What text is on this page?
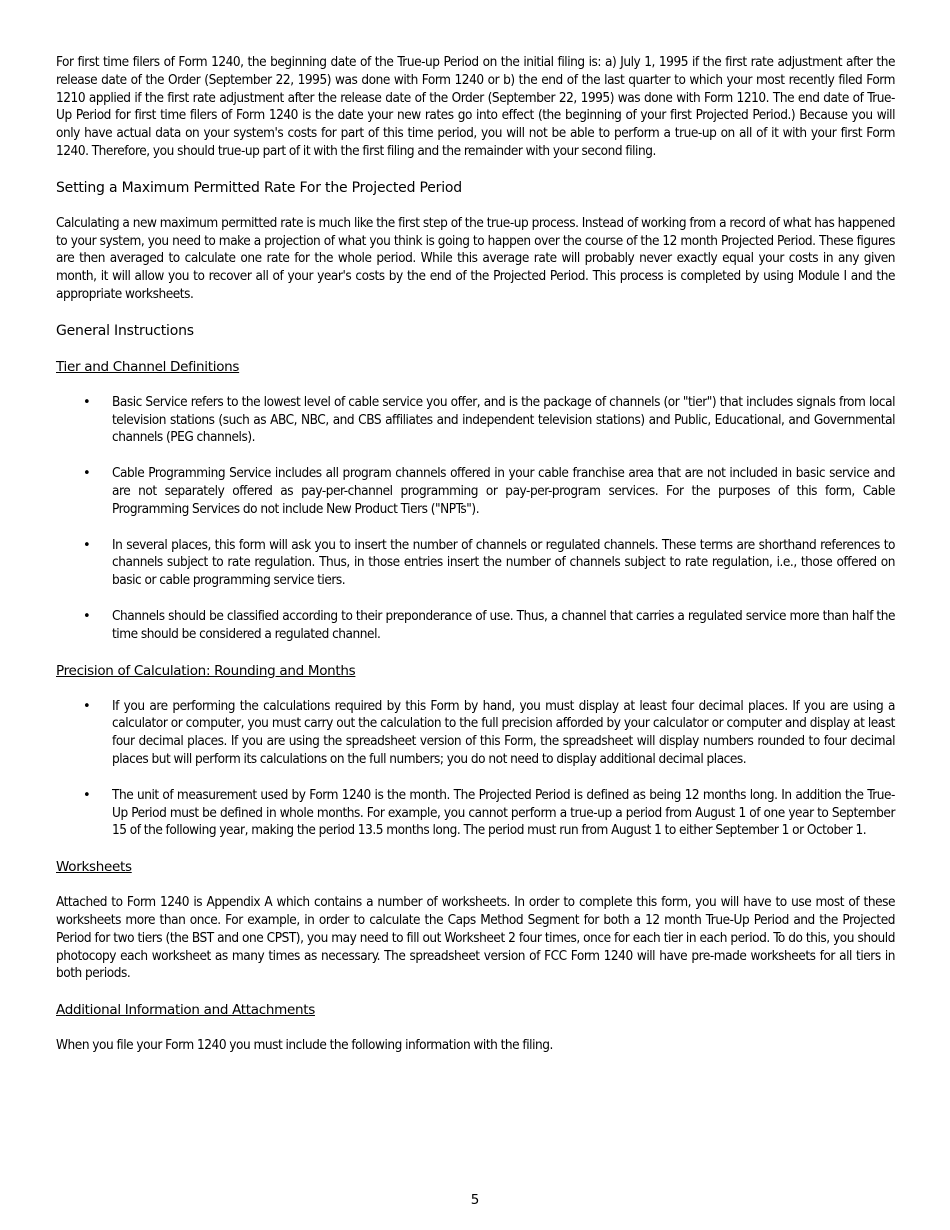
For first time filers of Form 1240, the beginning date of the True-up Period on the initial filing is: a) July 1, 1995 if the first rate adjustment after the release date of the Order (September 22, 1995) was done with Form 1240 or b) the end of the last quarter to which your most recently filed Form 1210 applied if the first rate adjustment after the release date of the Order (September 22, 1995) was done with Form 1210. The end date of True-Up Period for first time filers of Form 1240 is the date your new rates go into effect (the beginning of your first Projected Period.) Because you will only have actual data on your system's costs for part of this time period, you will not be able to perform a true-up on all of it with your first Form 1240. Therefore, you should true-up part of it with the first filing and the remainder with your second filing.

Setting a Maximum Permitted Rate For the Projected Period

Calculating a new maximum permitted rate is much like the first step of the true-up process. Instead of working from a record of what has happened to your system, you need to make a projection of what you think is going to happen over the course of the 12 month Projected Period. These figures are then averaged to calculate one rate for the whole period. While this average rate will probably never exactly equal your costs in any given month, it will allow you to recover all of your year's costs by the end of the Projected Period. This process is completed by using Module I and the appropriate worksheets.

General Instructions

Tier and Channel Definitions

• Basic Service refers to the lowest level of cable service you offer, and is the package of channels (or "tier") that includes signals from local television stations (such as ABC, NBC, and CBS affiliates and independent television stations) and Public, Educational, and Governmental channels (PEG channels).

• Cable Programming Service includes all program channels offered in your cable franchise area that are not included in basic service and are not separately offered as pay-per-channel programming or pay-per-program services. For the purposes of this form, Cable Programming Services do not include New Product Tiers ("NPTs").

• In several places, this form will ask you to insert the number of channels or regulated channels. These terms are shorthand references to channels subject to rate regulation. Thus, in those entries insert the number of channels subject to rate regulation, i.e., those offered on basic or cable programming service tiers.

• Channels should be classified according to their preponderance of use. Thus, a channel that carries a regulated service more than half the time should be considered a regulated channel.

Precision of Calculation: Rounding and Months

• If you are performing the calculations required by this Form by hand, you must display at least four decimal places. If you are using a calculator or computer, you must carry out the calculation to the full precision afforded by your calculator or computer and display at least four decimal places. If you are using the spreadsheet version of this Form, the spreadsheet will display numbers rounded to four decimal places but will perform its calculations on the full numbers; you do not need to display additional decimal places.

• The unit of measurement used by Form 1240 is the month. The Projected Period is defined as being 12 months long. In addition the True-Up Period must be defined in whole months. For example, you cannot perform a true-up a period from August 1 of one year to September 15 of the following year, making the period 13.5 months long. The period must run from August 1 to either September 1 or October 1.

Worksheets

Attached to Form 1240 is Appendix A which contains a number of worksheets. In order to complete this form, you will have to use most of these worksheets more than once. For example, in order to calculate the Caps Method Segment for both a 12 month True-Up Period and the Projected Period for two tiers (the BST and one CPST), you may need to fill out Worksheet 2 four times, once for each tier in each period. To do this, you should photocopy each worksheet as many times as necessary. The spreadsheet version of FCC Form 1240 will have pre-made worksheets for all tiers in both periods.

Additional Information and Attachments

When you file your Form 1240 you must include the following information with the filing.

5
